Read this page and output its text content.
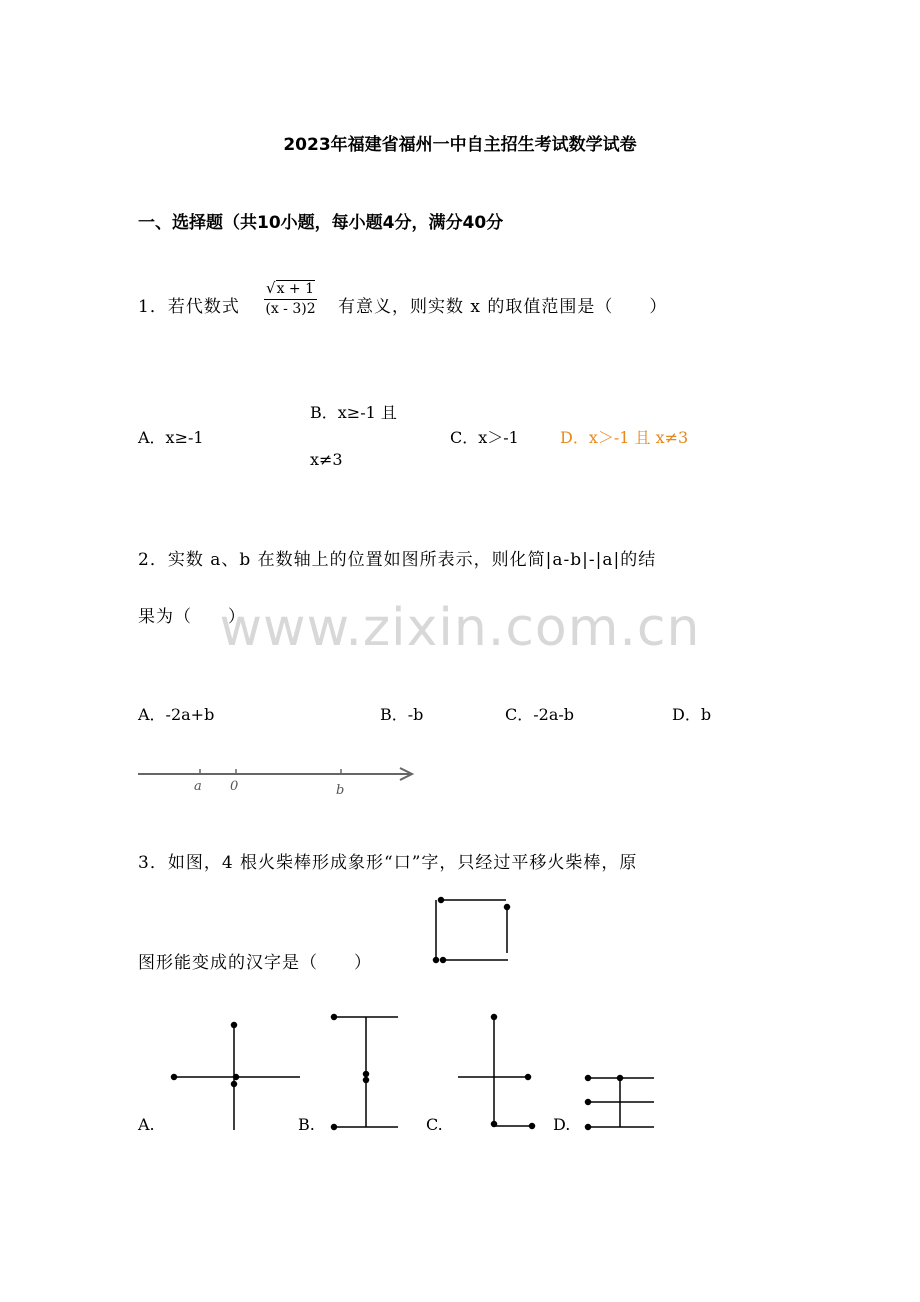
www.zixin.com.cn
2023年福建省福州一中自主招生考试数学试卷
一、选择题（共10小题，每小题4分，满分40分
1．若代数式 $\frac{√x + 1}{(x - 3)2}$ 有意义，则实数 x 的取值范围是（　　）
A．x≥-1
B．x≥-1 且
x≠3
C．x＞-1	D．x＞-1 且 x≠3
2．实数 a、b 在数轴上的位置如图所表示，则化简|a-b|-|a|的结
果为（　　）
A．-2a+b	B．-b	C．-2a-b	D．b
a 0	b
3．如图，4 根火柴棒形成象形“口”字，只经过平移火柴棒，原
图形能变成的汉字是（　　）
A.	B.	C.	D.
